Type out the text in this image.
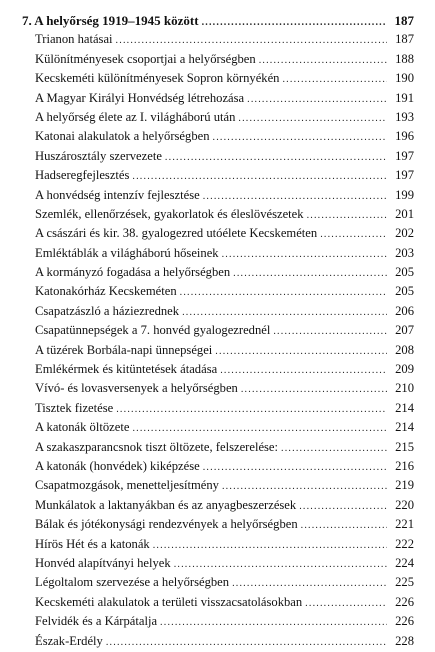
7. A helyőrség 1919–1945 között .....	187
Trianon hatásai .....	187
Különítményesek csoportjai a helyőrségben .....	188
Kecskeméti különítményesek Sopron környékén .....	190
A Magyar Királyi Honvédség létrehozása .....	191
A helyőrség élete az I. világháború után .....	193
Katonai alakulatok a helyőrségben .....	196
Huszárosztály szervezete .....	197
Hadseregfejlesztés .....	197
A honvédség intenzív fejlesztése .....	199
Szemlék, ellenőrzések, gyakorlatok és éleslövészetek .....	201
A császári és kir. 38. gyalogezred utóélete Kecskeméten .....	202
Emléktáblák a világháború hőseinek .....	203
A kormányzó fogadása a helyőrségben .....	205
Katonakórház Kecskeméten .....	205
Csapatzászló a háziezrednek .....	206
Csapatünnepségek a 7. honvéd gyalogezrednél .....	207
A tüzérek Borbála-napi ünnepségei .....	208
Emlékérmek és kitüntetések átadása .....	209
Vívó- és lovasversenyek a helyőrségben .....	210
Tisztek fizetése .....	214
A katonák öltözete .....	214
A szakaszparancsnok tiszt öltözete, felszerelése: .....	215
A katonák (honvédek) kiképzése .....	216
Csapatmozgások, menetteljesítmény .....	219
Munkálatok a laktanyákban és az anyagbeszerzések .....	220
Bálak és jótékonysági rendezvények a helyőrségben .....	221
Hírös Hét és a katonák .....	222
Honvéd alapítványi helyek .....	224
Légoltalom szervezése a helyőrségben .....	225
Kecskeméti alakulatok a területi visszacsatolásokban .....	226
Felvidék és a Kárpátalja .....	226
Észak-Erdély .....	228
